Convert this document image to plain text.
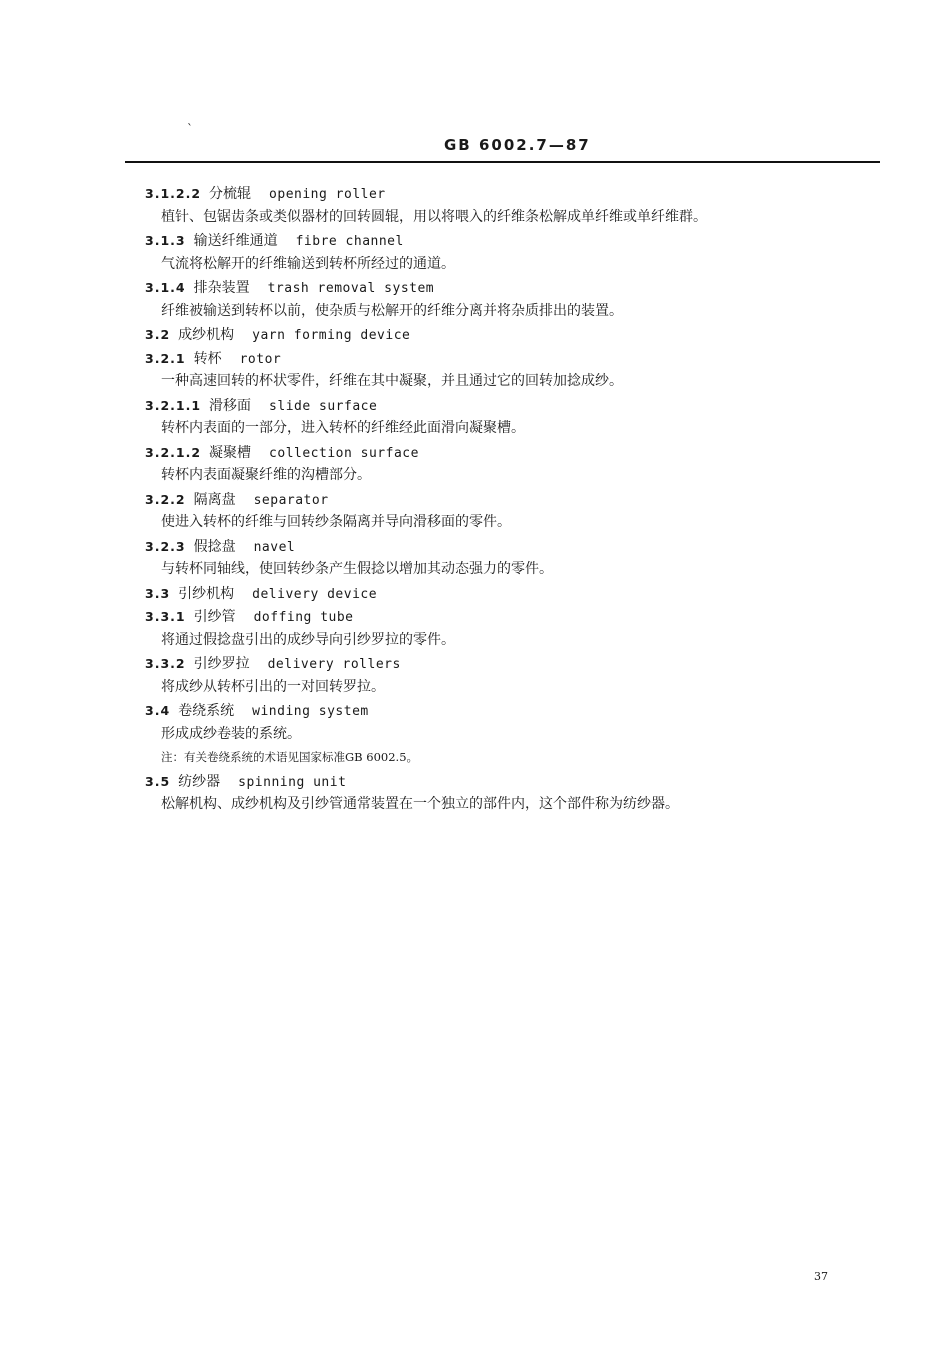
`
GB 6002.7—87
3.1.2.2 分梳辊 opening roller
植针、包锯齿条或类似器材的回转圆辊，用以将喂入的纤维条松解成单纤维或单纤维群。
3.1.3 输送纤维通道 fibre channel
气流将松解开的纤维输送到转杯所经过的通道。
3.1.4 排杂装置 trash removal system
纤维被输送到转杯以前，使杂质与松解开的纤维分离并将杂质排出的装置。
3.2 成纱机构 yarn forming device
3.2.1 转杯 rotor
一种高速回转的杯状零件，纤维在其中凝聚，并且通过它的回转加捻成纱。
3.2.1.1 滑移面 slide surface
转杯内表面的一部分，进入转杯的纤维经此面滑向凝聚槽。
3.2.1.2 凝聚槽 collection surface
转杯内表面凝聚纤维的沟槽部分。
3.2.2 隔离盘 separator
使进入转杯的纤维与回转纱条隔离并导向滑移面的零件。
3.2.3 假捻盘 navel
与转杯同轴线，使回转纱条产生假捻以增加其动态强力的零件。
3.3 引纱机构 delivery device
3.3.1 引纱管 doffing tube
将通过假捻盘引出的成纱导向引纱罗拉的零件。
3.3.2 引纱罗拉 delivery rollers
将成纱从转杯引出的一对回转罗拉。
3.4 卷绕系统 winding system
形成成纱卷装的系统。
注：有关卷绕系统的术语见国家标准GB 6002.5。
3.5 纺纱器 spinning unit
松解机构、成纱机构及引纱管通常装置在一个独立的部件内，这个部件称为纺纱器。
37
